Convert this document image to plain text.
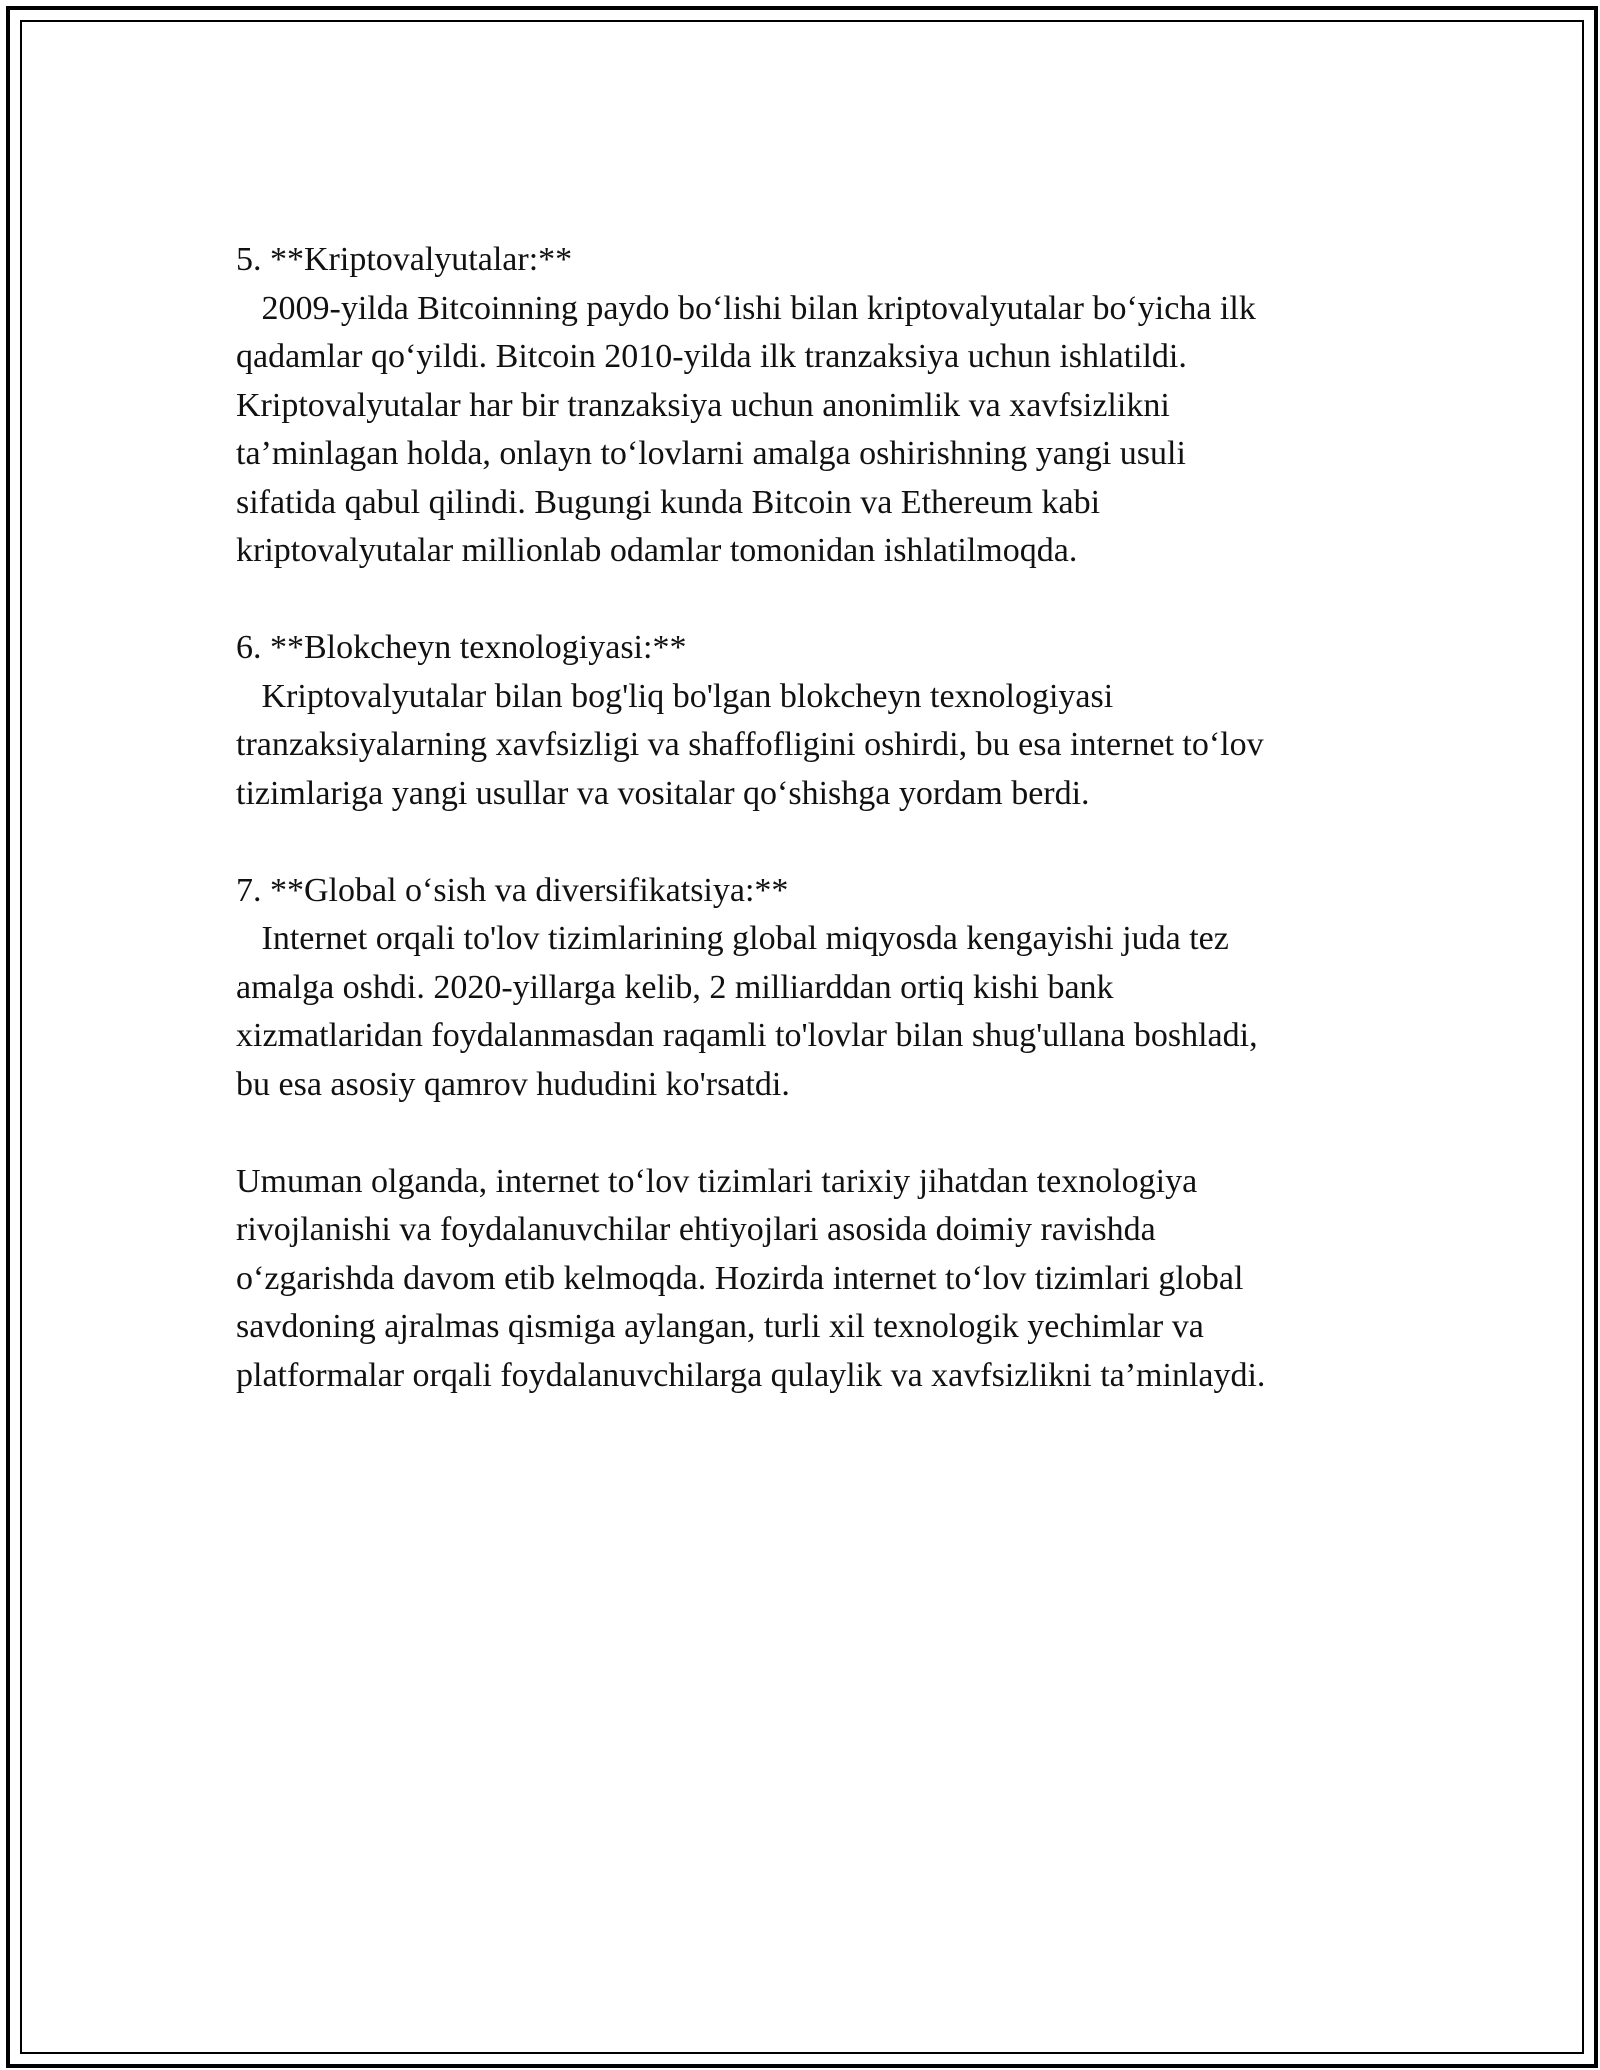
5. **Kriptovalyutalar:**
2009-yilda Bitcoinning paydo bo‘lishi bilan kriptovalyutalar bo‘yicha ilk
qadamlar qo‘yildi. Bitcoin 2010-yilda ilk tranzaksiya uchun ishlatildi.
Kriptovalyutalar har bir tranzaksiya uchun anonimlik va xavfsizlikni
ta’minlagan holda, onlayn to‘lovlarni amalga oshirishning yangi usuli
sifatida qabul qilindi. Bugungi kunda Bitcoin va Ethereum kabi
kriptovalyutalar millionlab odamlar tomonidan ishlatilmoqda.
6. **Blokcheyn texnologiyasi:**
Kriptovalyutalar bilan bog'liq bo'lgan blokcheyn texnologiyasi
tranzaksiyalarning xavfsizligi va shaffofligini oshirdi, bu esa internet to‘lov
tizimlariga yangi usullar va vositalar qo‘shishga yordam berdi.
7. **Global o‘sish va diversifikatsiya:**
Internet orqali to'lov tizimlarining global miqyosda kengayishi juda tez
amalga oshdi. 2020-yillarga kelib, 2 milliarddan ortiq kishi bank
xizmatlaridan foydalanmasdan raqamli to'lovlar bilan shug'ullana boshladi,
bu esa asosiy qamrov hududini ko'rsatdi.
Umuman olganda, internet to‘lov tizimlari tarixiy jihatdan texnologiya
rivojlanishi va foydalanuvchilar ehtiyojlari asosida doimiy ravishda
o‘zgarishda davom etib kelmoqda. Hozirda internet to‘lov tizimlari global
savdoning ajralmas qismiga aylangan, turli xil texnologik yechimlar va
platformalar orqali foydalanuvchilarga qulaylik va xavfsizlikni ta’minlaydi.
